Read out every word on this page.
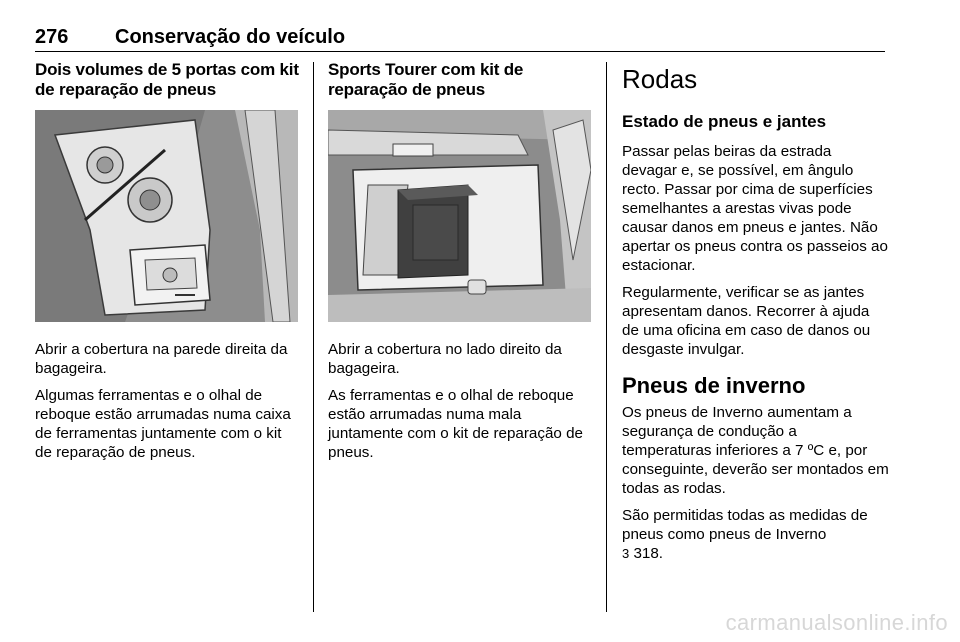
276 Conservação do veículo
Dois volumes de 5 portas com kit de reparação de pneus
Abrir a cobertura na parede direita da bagageira.
Algumas ferramentas e o olhal de reboque estão arrumadas numa caixa de ferramentas juntamente com o kit de reparação de pneus.
Sports Tourer com kit de reparação de pneus
Abrir a cobertura no lado direito da bagageira.
As ferramentas e o olhal de reboque estão arrumadas numa mala juntamente com o kit de reparação de pneus.
Rodas
Estado de pneus e jantes
Passar pelas beiras da estrada devagar e, se possível, em ângulo recto. Passar por cima de superfícies semelhantes a arestas vivas pode causar danos em pneus e jantes. Não apertar os pneus contra os passeios ao estacionar.
Regularmente, verificar se as jantes apresentam danos. Recorrer à ajuda de uma oficina em caso de danos ou desgaste invulgar.
Pneus de inverno
Os pneus de Inverno aumentam a segurança de condução a temperaturas inferiores a 7 ºC e, por conseguinte, deverão ser montados em todas as rodas.
São permitidas todas as medidas de pneus como pneus de Inverno
3 318.
carmanualsonline.info
